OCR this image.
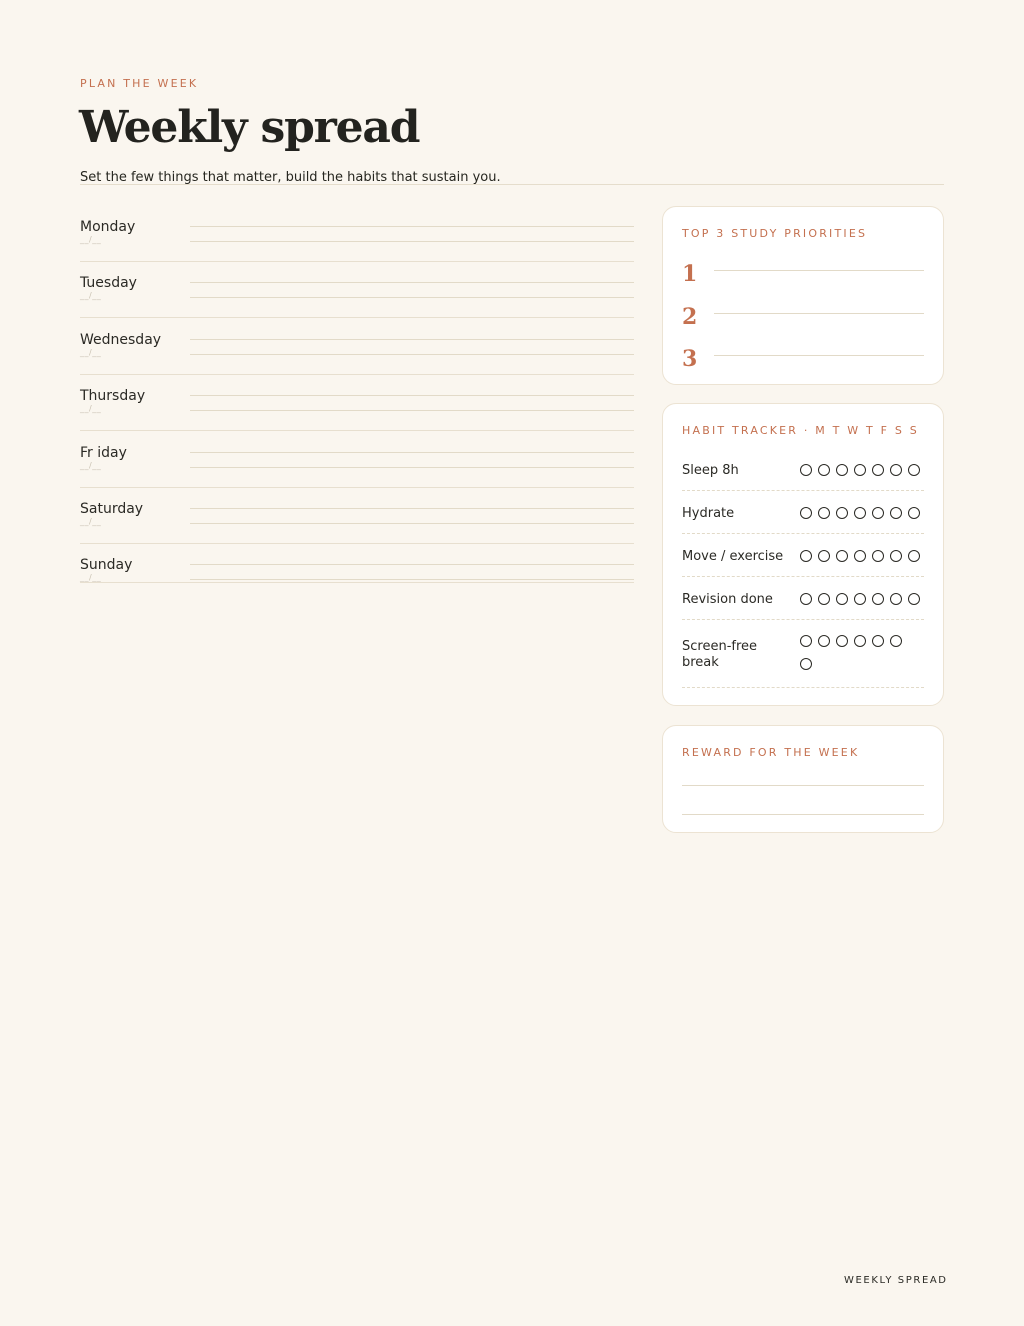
PLAN THE WEEK
Weekly spread
Set the few things that matter, build the habits that sustain you.
Monday
__/__
Tuesday
__/__
Wednesday
__/__
Thursday
__/__
Fr iday
__/__
Saturday
__/__
Sunday
__/__
TOP 3 STUDY PRIORITIES
1
2
3
HABIT TRACKER · M T W T F S S
Sleep 8h
Hydrate
Move / exercise
Revision done
Screen-free break
REWARD FOR THE WEEK
WEEKLY SPREAD
